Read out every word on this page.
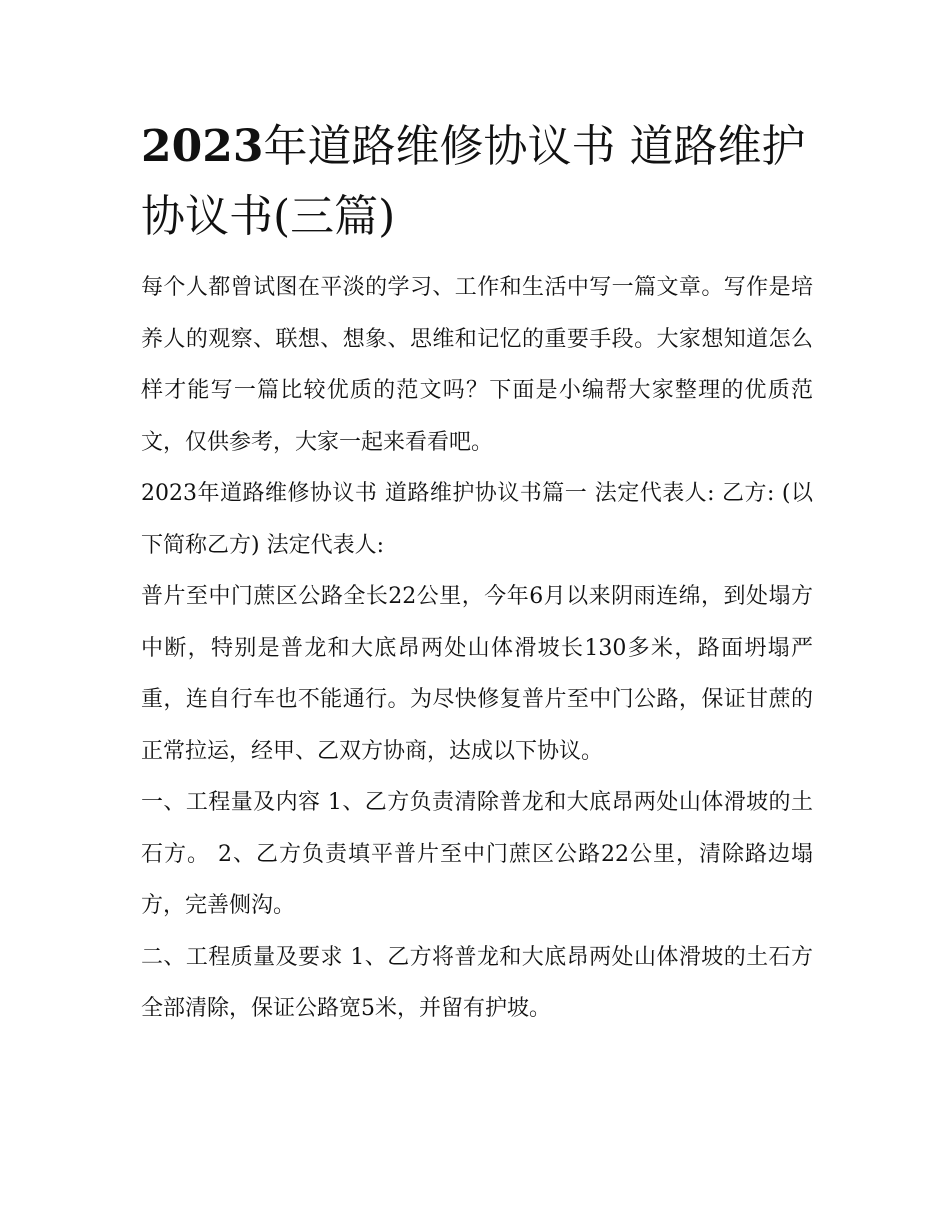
2023年道路维修协议书 道路维护协议书(三篇)

每个人都曾试图在平淡的学习、工作和生活中写一篇文章。写作是培养人的观察、联想、想象、思维和记忆的重要手段。大家想知道怎么样才能写一篇比较优质的范文吗？下面是小编帮大家整理的优质范文，仅供参考，大家一起来看看吧。

2023年道路维修协议书 道路维护协议书篇一 法定代表人: 乙方: (以下简称乙方) 法定代表人:

普片至中门蔗区公路全长22公里，今年6月以来阴雨连绵，到处塌方中断，特别是普龙和大底昂两处山体滑坡长130多米，路面坍塌严重，连自行车也不能通行。为尽快修复普片至中门公路，保证甘蔗的正常拉运，经甲、乙双方协商，达成以下协议。

一、工程量及内容 1、乙方负责清除普龙和大底昂两处山体滑坡的土石方。 2、乙方负责填平普片至中门蔗区公路22公里，清除路边塌方，完善侧沟。

二、工程质量及要求 1、乙方将普龙和大底昂两处山体滑坡的土石方全部清除，保证公路宽5米，并留有护坡。
